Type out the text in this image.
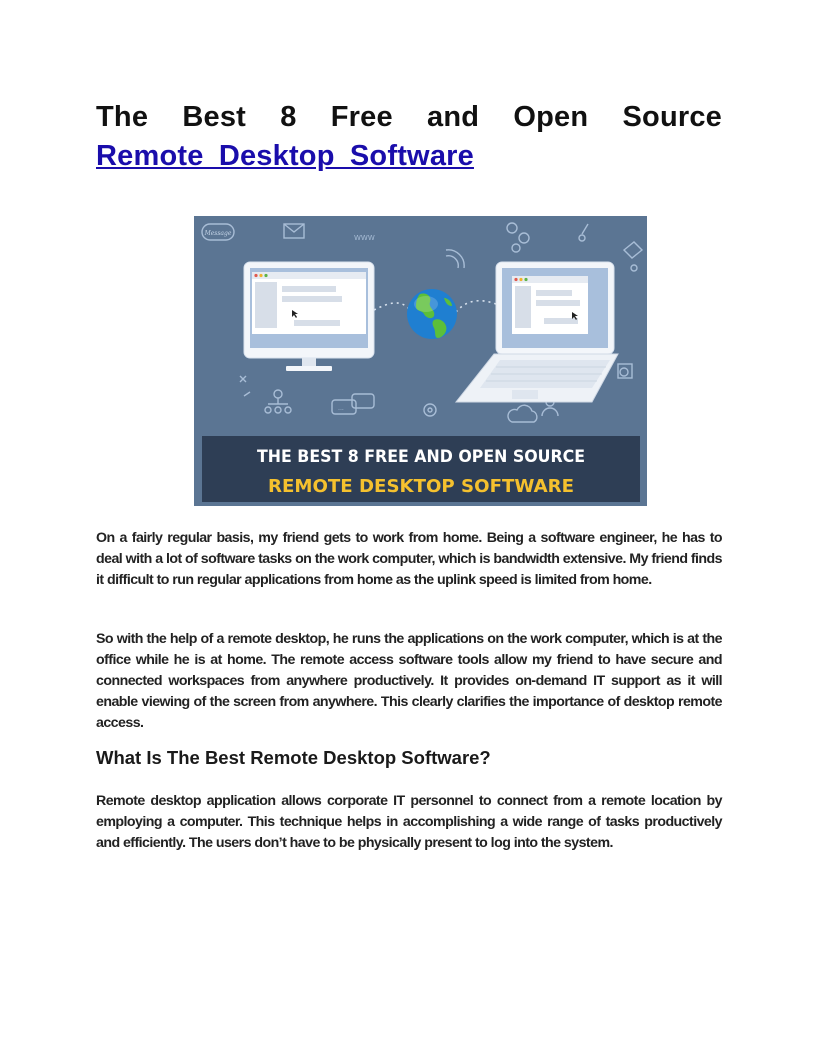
The Best 8 Free and Open Source Remote Desktop Software
Message
WWW
...
THE BEST 8 FREE AND OPEN SOURCE
REMOTE DESKTOP SOFTWARE

On a fairly regular basis, my friend gets to work from home. Being a software engineer, he has to deal with a lot of software tasks on the work computer, which is bandwidth extensive. My friend finds it difficult to run regular applications from home as the uplink speed is limited from home.

So with the help of a remote desktop, he runs the applications on the work computer, which is at the office while he is at home. The remote access software tools allow my friend to have secure and connected workspaces from anywhere productively. It provides on-demand IT support as it will enable viewing of the screen from anywhere. This clearly clarifies the importance of desktop remote access.

What Is The Best Remote Desktop Software?

Remote desktop application allows corporate IT personnel to connect from a remote location by employing a computer. This technique helps in accomplishing a wide range of tasks productively and efficiently. The users don’t have to be physically present to log into the system.
